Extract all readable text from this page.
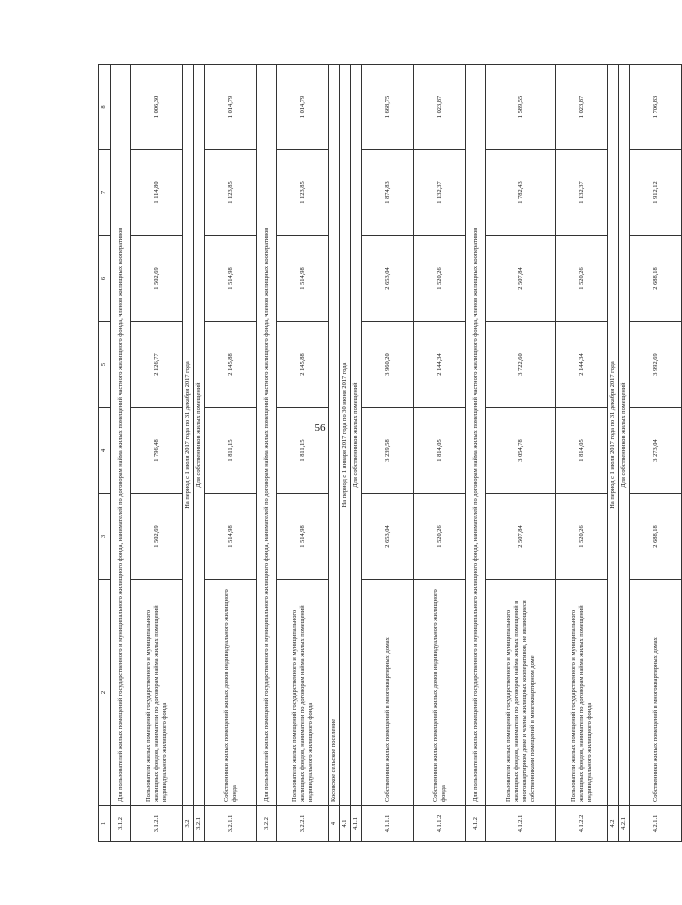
56
1	2	3	4	5	6	7	8
3.1.2	Для пользователей жилых помещений государственного и муниципального жилищного фонда, нанимателей по договорам найма жилых помещений частного жилищного фонда, членов жилищных кооперативов						
3.1.2.1	Пользователи жилых помещений государственного и муниципального жилищных фондов, наниматели по договорам найма жилых помещений индивидуального жилищного фонда	1 502,69	1 796,48	2 126,77	1 502,69	1 114,80	1 006,30
3.2	На период с 1 июля 2017 года по 31 декабря 2017 года						
3.2.1	Для собственников жилых помещений						
3.2.1.1	Собственники жилых помещений жилых домов индивидуального жилищного фонда	1 514,98	1 811,15	2 145,88	1 514,98	1 123,85	1 014,79
3.2.2	Для пользователей жилых помещений государственного и муниципального жилищного фонда, нанимателей по договорам найма жилых помещений частного жилищного фонда, членов жилищных кооперативов						
3.2.2.1	Пользователи жилых помещений государственного и муниципального жилищных фондов, наниматели по договорам найма жилых помещений индивидуального жилищного фонда	1 514,98	1 811,15	2 145,88	1 514,98	1 123,85	1 014,79
4	Косовское сельское поселение						
4.1	На период с 1 января 2017 года по 30 июня 2017 года						
4.1.1	Для собственников жилых помещений						
4.1.1.1	Собственники жилых помещений в многоквартирных домах	2 653,04	3 239,58	3 960,20	2 653,04	1 874,83	1 668,75
4.1.1.2	Собственники жилых помещений жилых домов индивидуального жилищного фонда	1 520,26	1 814,05	2 144,34	1 520,26	1 132,37	1 023,87
4.1.2	Для пользователей жилых помещений государственного и муниципального жилищного фонда, нанимателей по договорам найма жилых помещений частного жилищного фонда, членов жилищных кооперативов						
4.1.2.1	Пользователи жилых помещений государственного и муниципального жилищных фондов, наниматели по договорам найма жилых помещений в многоквартирном доме и члены жилищных кооперативов, не являющиеся собственниками помещений в многоквартирном доме	2 507,84	3 054,78	3 722,60	2 507,84	1 782,43	1 589,55
4.1.2.2	Пользователи жилых помещений государственного и муниципального жилищных фондов, наниматели по договорам найма жилых помещений индивидуального жилищного фонда	1 520,26	1 814,05	2 144,34	1 520,26	1 132,37	1 023,87
4.2	На период с 1 июля 2017 года по 31 декабря 2017 года						
4.2.1	Для собственников жилых помещений						
4.2.1.1	Собственники жилых помещений в многоквартирных домах	2 688,18	3 273,04	3 992,69	2 688,18	1 912,12	1 706,83
